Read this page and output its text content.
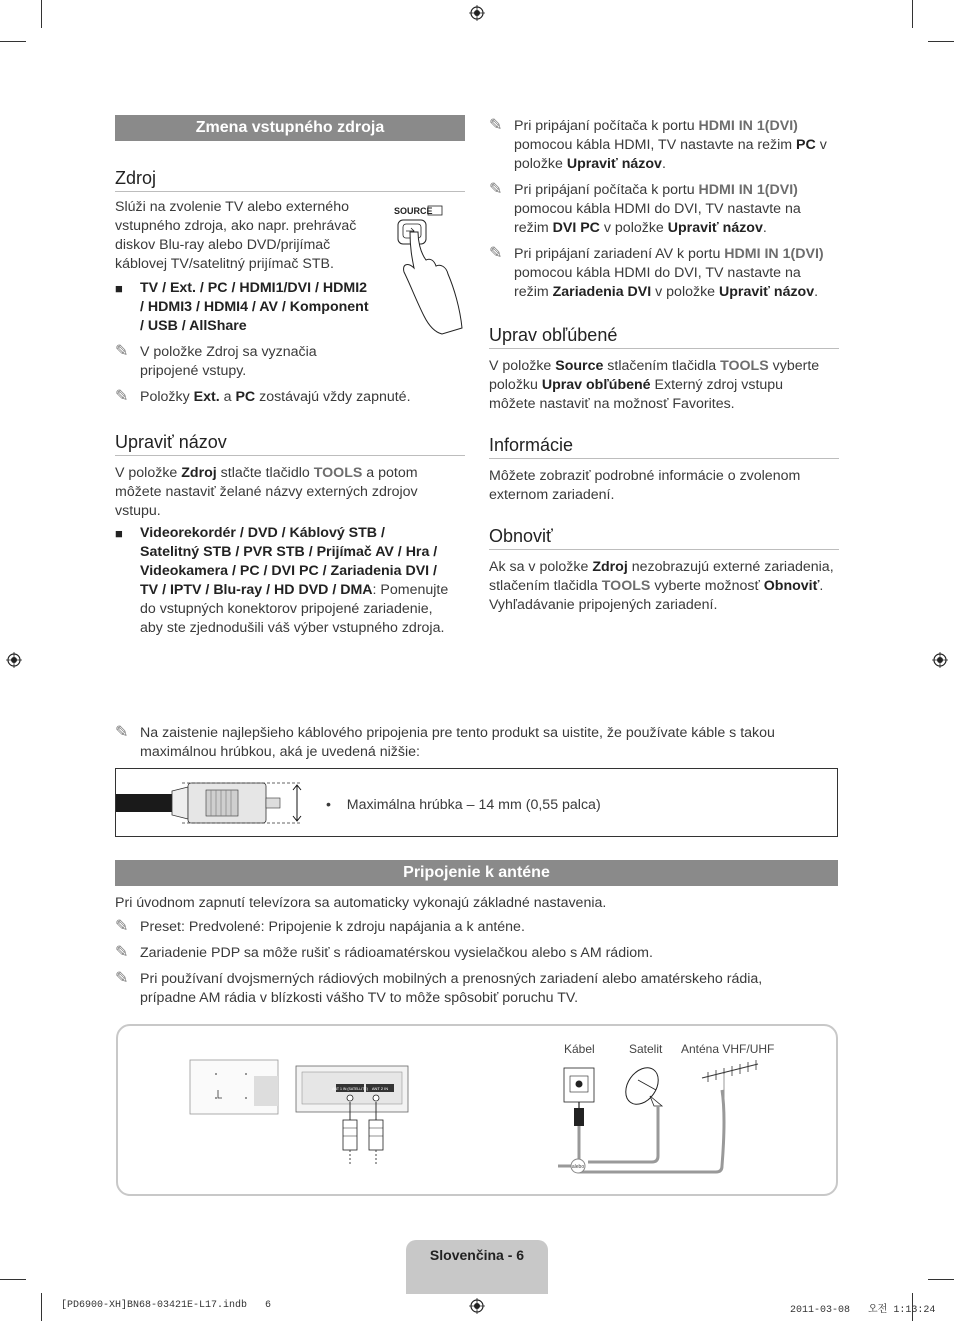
Zmena vstupného zdroja
Zdroj
Slúži na zvolenie TV alebo externého
vstupného zdroja, ako napr. prehrávač
diskov Blu-ray alebo DVD/prijímač
káblovej TV/satelitný prijímač STB.
■ TV / Ext. / PC / HDMI1/DVI / HDMI2
/ HDMI3 / HDMI4 / AV / Komponent
/ USB / AllShare
✎ V položke Zdroj sa vyznačia
pripojené vstupy.
✎ Položky Ext. a PC zostávajú vždy zapnuté.
SOURCE
Upraviť názov
V položke Zdroj stlačte tlačidlo TOOLS a potom
môžete nastaviť želané názvy externých zdrojov
vstupu.
■ Videorekordér / DVD / Káblový STB /
Satelitný STB / PVR STB / Prijímač AV / Hra /
Videokamera / PC / DVI PC / Zariadenia DVI /
TV / IPTV / Blu-ray / HD DVD / DMA: Pomenujte
do vstupných konektorov pripojené zariadenie,
aby ste zjednodušili váš výber vstupného zdroja.
✎ Pri pripájaní počítača k portu HDMI IN 1(DVI)
pomocou kábla HDMI, TV nastavte na režim PC v
položke Upraviť názov.
✎ Pri pripájaní počítača k portu HDMI IN 1(DVI)
pomocou kábla HDMI do DVI, TV nastavte na
režim DVI PC v položke Upraviť názov.
✎ Pri pripájaní zariadení AV k portu HDMI IN 1(DVI)
pomocou kábla HDMI do DVI, TV nastavte na
režim Zariadenia DVI v položke Upraviť názov.
Uprav obľúbené
V položke Source stlačením tlačidla TOOLS vyberte
položku Uprav obľúbené Externý zdroj vstupu
môžete nastaviť na možnosť Favorites.
Informácie
Môžete zobraziť podrobné informácie o zvolenom
externom zariadení.
Obnoviť
Ak sa v položke Zdroj nezobrazujú externé zariadenia,
stlačením tlačidla TOOLS vyberte možnosť Obnoviť.
Vyhľadávanie pripojených zariadení.
✎ Na zaistenie najlepšieho káblového pripojenia pre tento produkt sa uistite, že používate káble s takou
maximálnou hrúbkou, aká je uvedená nižšie:
• Maximálna hrúbka – 14 mm (0,55 palca)
Pripojenie k anténe
Pri úvodnom zapnutí televízora sa automaticky vykonajú základné nastavenia.
✎ Preset: Predvolené: Pripojenie k zdroju napájania a k anténe.
✎ Zariadenie PDP sa môže rušiť s rádioamatérskou vysielačkou alebo s AM rádiom.
✎ Pri používaní dvojsmerných rádiových mobilných a prenosných zariadení alebo amatérskeho rádia,
prípadne AM rádia v blízkosti vášho TV to môže spôsobiť poruchu TV.
ANT 1 IN (SATELLITE) ANT 2 IN
alebo
Kábel	Satelit Anténa VHF/UHF
Slovenčina - 6
[PD6900-XH]BN68-03421E-L17.indb   6	2011-03-08   오전 1:13:24
